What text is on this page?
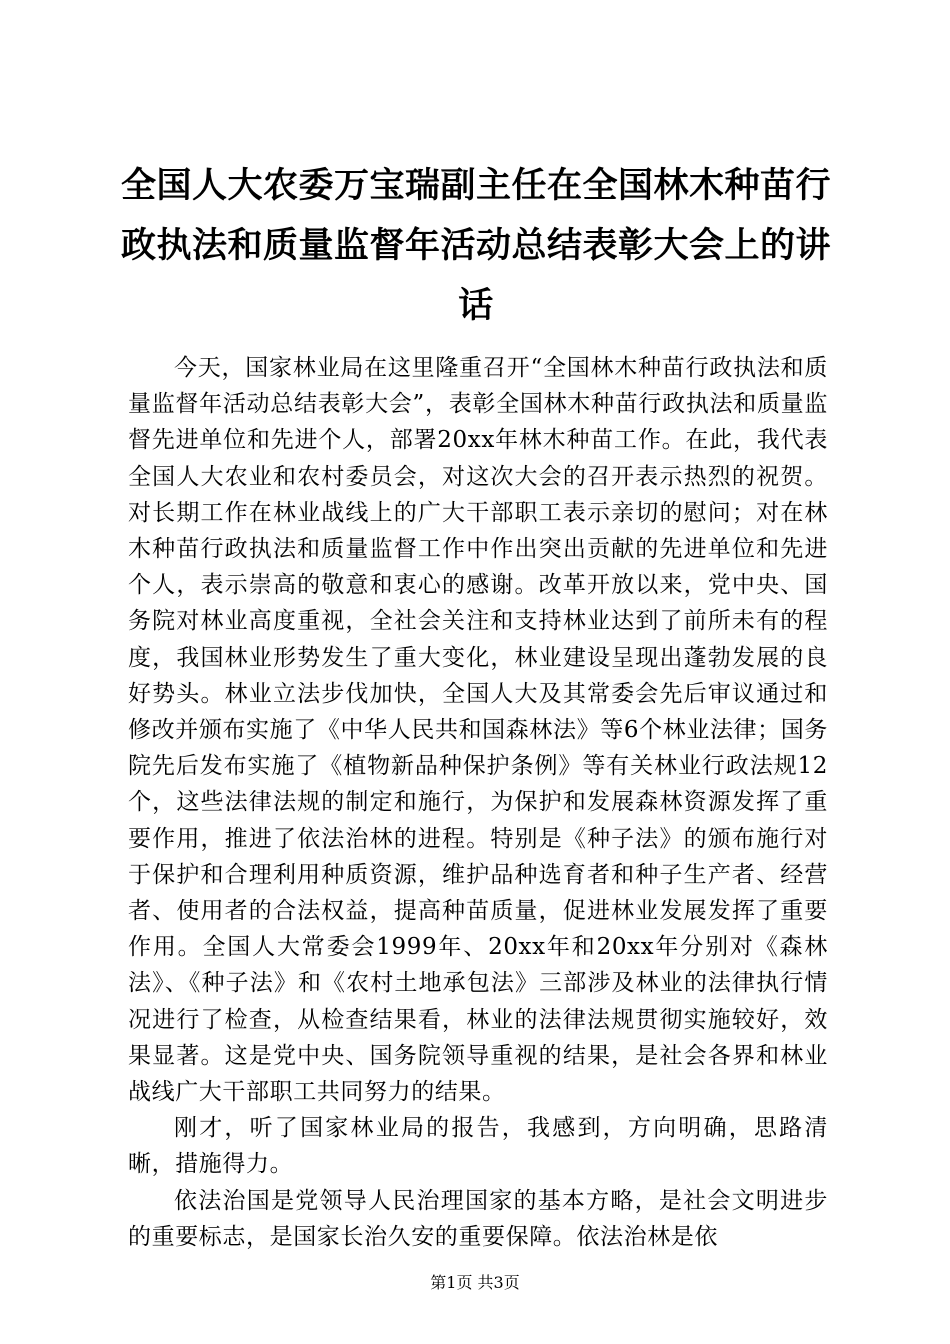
全国人大农委万宝瑞副主任在全国林木种苗行政执法和质量监督年活动总结表彰大会上的讲话

今天，国家林业局在这里隆重召开“全国林木种苗行政执法和质量监督年活动总结表彰大会”，表彰全国林木种苗行政执法和质量监督先进单位和先进个人，部署20xx年林木种苗工作。在此，我代表全国人大农业和农村委员会，对这次大会的召开表示热烈的祝贺。对长期工作在林业战线上的广大干部职工表示亲切的慰问；对在林木种苗行政执法和质量监督工作中作出突出贡献的先进单位和先进个人，表示崇高的敬意和衷心的感谢。改革开放以来，党中央、国务院对林业高度重视，全社会关注和支持林业达到了前所未有的程度，我国林业形势发生了重大变化，林业建设呈现出蓬勃发展的良好势头。林业立法步伐加快，全国人大及其常委会先后审议通过和修改并颁布实施了《中华人民共和国森林法》等6个林业法律；国务院先后发布实施了《植物新品种保护条例》等有关林业行政法规12个，这些法律法规的制定和施行，为保护和发展森林资源发挥了重要作用，推进了依法治林的进程。特别是《种子法》的颁布施行对于保护和合理利用种质资源，维护品种选育者和种子生产者、经营者、使用者的合法权益，提高种苗质量，促进林业发展发挥了重要作用。全国人大常委会1999年、20xx年和20xx年分别对《森林法》、《种子法》和《农村土地承包法》三部涉及林业的法律执行情况进行了检查，从检查结果看，林业的法律法规贯彻实施较好，效果显著。这是党中央、国务院领导重视的结果，是社会各界和林业战线广大干部职工共同努力的结果。

刚才，听了国家林业局的报告，我感到，方向明确，思路清晰，措施得力。

依法治国是党领导人民治理国家的基本方略，是社会文明进步的重要标志，是国家长治久安的重要保障。依法治林是依

第1页 共3页
